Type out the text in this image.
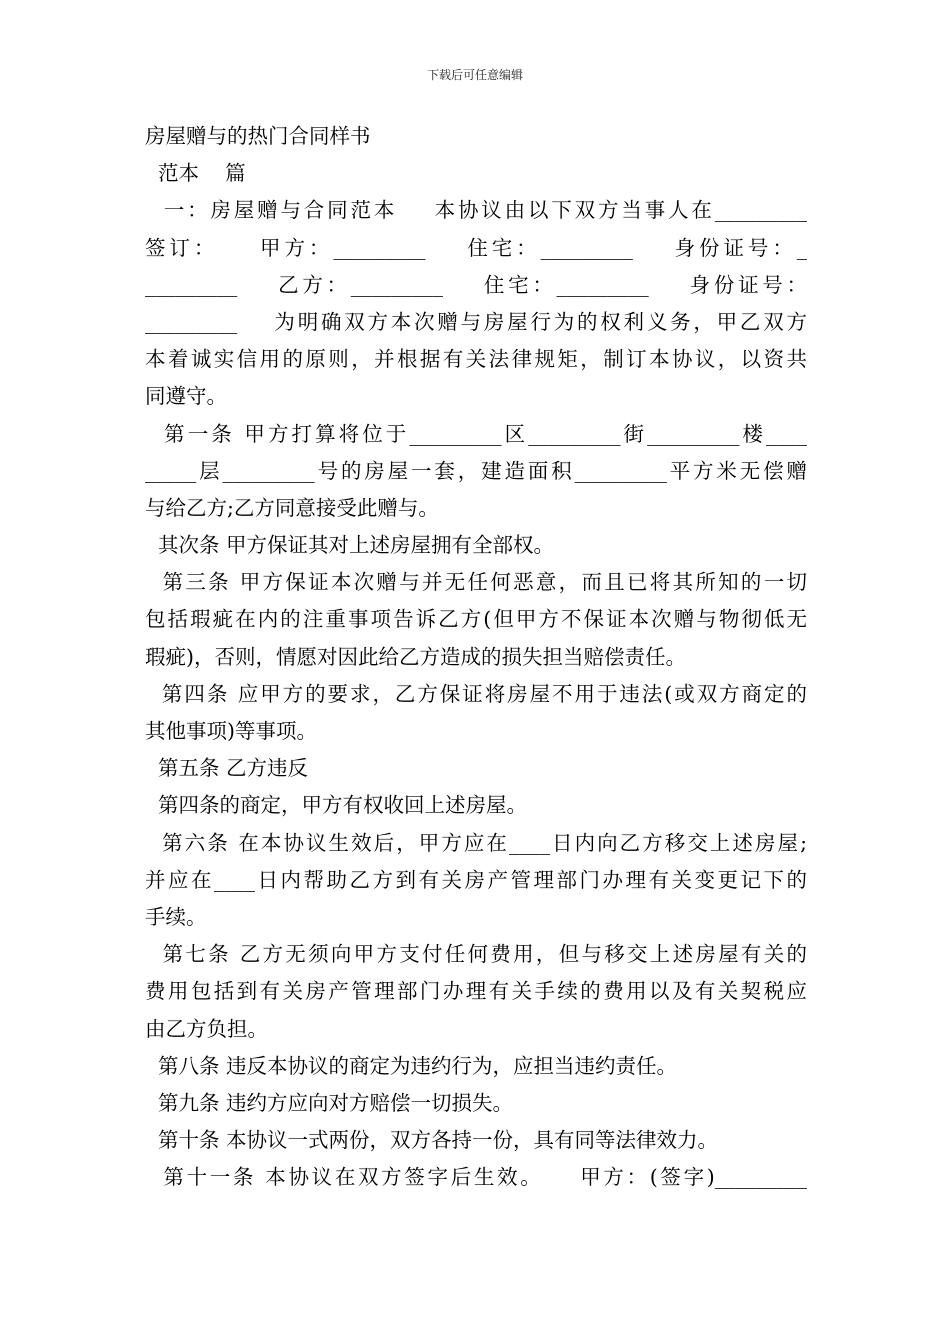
下载后可任意编辑
房屋赠与的热门合同样书
范本    篇
一：房屋赠与合同范本    本协议由以下双方当事人在_________
签订：    甲方：_________    住宅：_________    身份证号：_
_________    乙方：_________    住宅：_________    身份证号：
_________    为明确双方本次赠与房屋行为的权利义务，甲乙双方
本着诚实信用的原则，并根据有关法律规矩，制订本协议，以资共
同遵守。
第一条 甲方打算将位于_________区_________街_________楼____
_____层_________号的房屋一套，建造面积_________平方米无偿赠
与给乙方;乙方同意接受此赠与。
其次条 甲方保证其对上述房屋拥有全部权。
第三条 甲方保证本次赠与并无任何恶意，而且已将其所知的一切
包括瑕疵在内的注重事项告诉乙方(但甲方不保证本次赠与物彻低无
瑕疵)，否则，情愿对因此给乙方造成的损失担当赔偿责任。
第四条 应甲方的要求，乙方保证将房屋不用于违法(或双方商定的
其他事项)等事项。
第五条 乙方违反
第四条的商定，甲方有权收回上述房屋。
第六条 在本协议生效后，甲方应在____日内向乙方移交上述房屋;
并应在____日内帮助乙方到有关房产管理部门办理有关变更记下的
手续。
第七条 乙方无须向甲方支付任何费用，但与移交上述房屋有关的
费用包括到有关房产管理部门办理有关手续的费用以及有关契税应
由乙方负担。
第八条 违反本协议的商定为违约行为，应担当违约责任。
第九条 违约方应向对方赔偿一切损失。
第十条 本协议一式两份，双方各持一份，具有同等法律效力。
第十一条 本协议在双方签字后生效。    甲方：(签字)_________
